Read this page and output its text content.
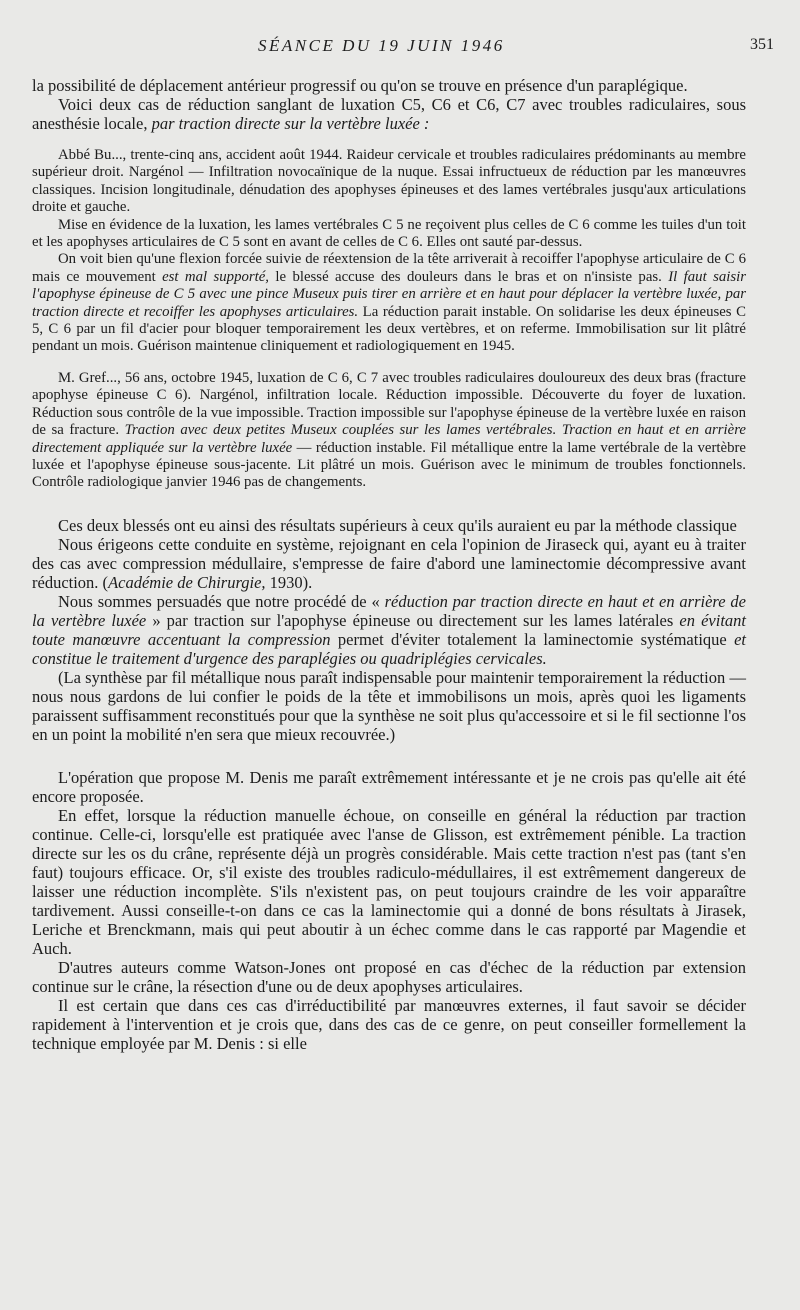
SÉANCE DU 19 JUIN 1946	351

la possibilité de déplacement antérieur progressif ou qu'on se trouve en présence d'un paraplégique.

Voici deux cas de réduction sanglant de luxation C5, C6 et C6, C7 avec troubles radiculaires, sous anesthésie locale, par traction directe sur la vertèbre luxée :

Abbé Bu..., trente-cinq ans, accident août 1944. Raideur cervicale et troubles radiculaires prédominants au membre supérieur droit. Nargénol — Infiltration novocaïnique de la nuque. Essai infructueux de réduction par les manœuvres classiques. Incision longitudinale, dénudation des apophyses épineuses et des lames vertébrales jusqu'aux articulations droite et gauche.

Mise en évidence de la luxation, les lames vertébrales C 5 ne reçoivent plus celles de C 6 comme les tuiles d'un toit et les apophyses articulaires de C 5 sont en avant de celles de C 6. Elles ont sauté par-dessus.

On voit bien qu'une flexion forcée suivie de réextension de la tête arriverait à recoiffer l'apophyse articulaire de C 6 mais ce mouvement est mal supporté, le blessé accuse des douleurs dans le bras et on n'insiste pas. Il faut saisir l'apophyse épineuse de C 5 avec une pince Museux puis tirer en arrière et en haut pour déplacer la vertèbre luxée, par traction directe et recoiffer les apophyses articulaires. La réduction parait instable. On solidarise les deux épineuses C 5, C 6 par un fil d'acier pour bloquer temporairement les deux vertèbres, et on referme. Immobilisation sur lit plâtré pendant un mois. Guérison maintenue cliniquement et radiologiquement en 1945.

M. Gref..., 56 ans, octobre 1945, luxation de C 6, C 7 avec troubles radiculaires douloureux des deux bras (fracture apophyse épineuse C 6). Nargénol, infiltration locale. Réduction impossible. Découverte du foyer de luxation. Réduction sous contrôle de la vue impossible. Traction impossible sur l'apophyse épineuse de la vertèbre luxée en raison de sa fracture. Traction avec deux petites Museux couplées sur les lames vertébrales. Traction en haut et en arrière directement appliquée sur la vertèbre luxée — réduction instable. Fil métallique entre la lame vertébrale de la vertèbre luxée et l'apophyse épineuse sous-jacente. Lit plâtré un mois. Guérison avec le minimum de troubles fonctionnels. Contrôle radiologique janvier 1946 pas de changements.

Ces deux blessés ont eu ainsi des résultats supérieurs à ceux qu'ils auraient eu par la méthode classique

Nous érigeons cette conduite en système, rejoignant en cela l'opinion de Jiraseck qui, ayant eu à traiter des cas avec compression médullaire, s'empresse de faire d'abord une laminectomie décompressive avant réduction. (Académie de Chirurgie, 1930).

Nous sommes persuadés que notre procédé de « réduction par traction directe en haut et en arrière de la vertèbre luxée » par traction sur l'apophyse épineuse ou directement sur les lames latérales en évitant toute manœuvre accentuant la compression permet d'éviter totalement la laminectomie systématique et constitue le traitement d'urgence des paraplégies ou quadriplégies cervicales.

(La synthèse par fil métallique nous paraît indispensable pour maintenir temporairement la réduction — nous nous gardons de lui confier le poids de la tête et immobilisons un mois, après quoi les ligaments paraissent suffisamment reconstitués pour que la synthèse ne soit plus qu'accessoire et si le fil sectionne l'os en un point la mobilité n'en sera que mieux recouvrée.)

L'opération que propose M. Denis me paraît extrêmement intéressante et je ne crois pas qu'elle ait été encore proposée.

En effet, lorsque la réduction manuelle échoue, on conseille en général la réduction par traction continue. Celle-ci, lorsqu'elle est pratiquée avec l'anse de Glisson, est extrêmement pénible. La traction directe sur les os du crâne, représente déjà un progrès considérable. Mais cette traction n'est pas (tant s'en faut) toujours efficace. Or, s'il existe des troubles radiculo-médullaires, il est extrêmement dangereux de laisser une réduction incomplète. S'ils n'existent pas, on peut toujours craindre de les voir apparaître tardivement. Aussi conseille-t-on dans ce cas la laminectomie qui a donné de bons résultats à Jirasek, Leriche et Brenckmann, mais qui peut aboutir à un échec comme dans le cas rapporté par Magendie et Auch.

D'autres auteurs comme Watson-Jones ont proposé en cas d'échec de la réduction par extension continue sur le crâne, la résection d'une ou de deux apophyses articulaires.

Il est certain que dans ces cas d'irréductibilité par manœuvres externes, il faut savoir se décider rapidement à l'intervention et je crois que, dans des cas de ce genre, on peut conseiller formellement la technique employée par M. Denis : si elle
